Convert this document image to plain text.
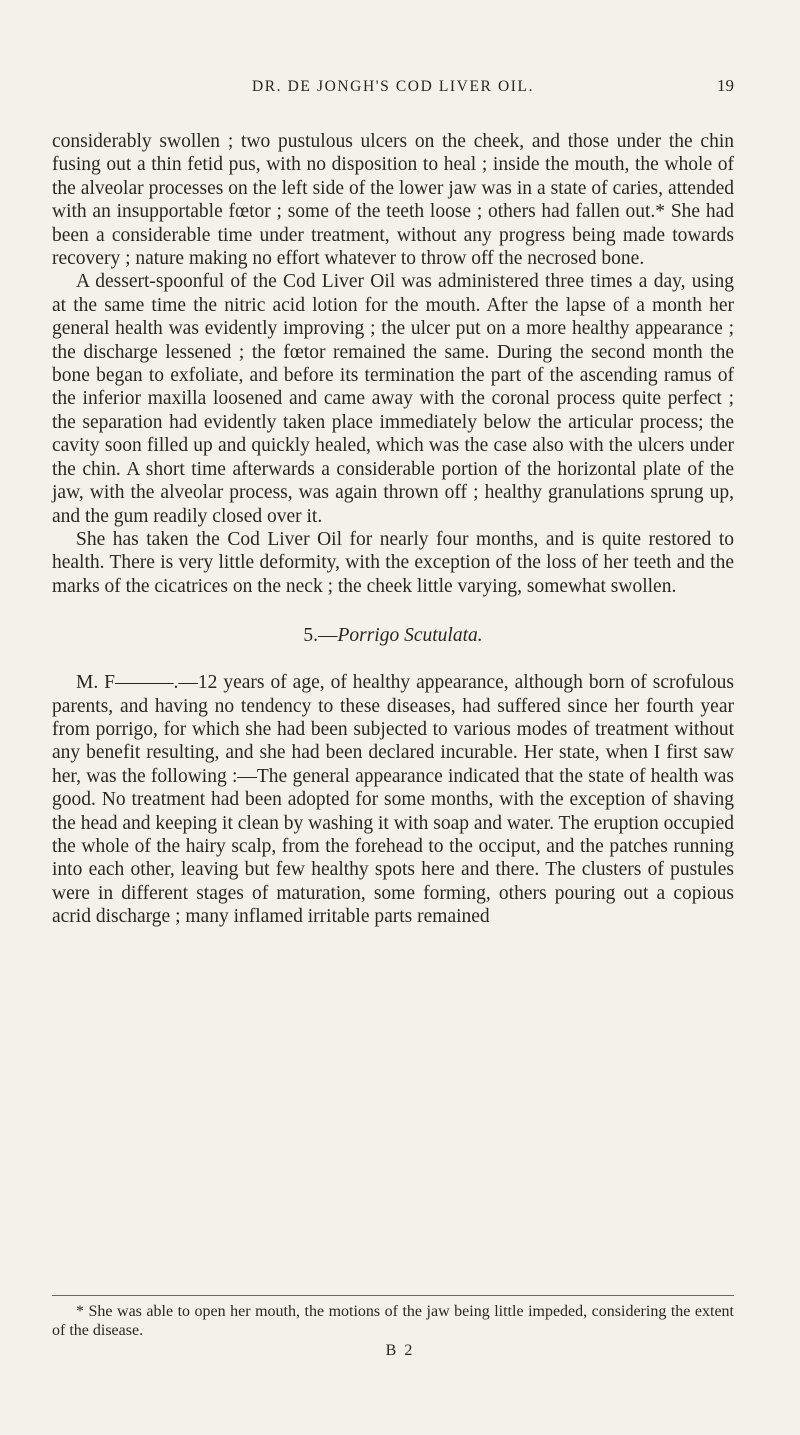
DR. DE JONGH'S COD LIVER OIL.	19

considerably swollen ; two pustulous ulcers on the cheek, and those under the chin fusing out a thin fetid pus, with no disposition to heal ; inside the mouth, the whole of the alveolar processes on the left side of the lower jaw was in a state of caries, attended with an insupportable fœtor ; some of the teeth loose ; others had fallen out.* She had been a considerable time under treatment, without any progress being made towards recovery ; nature making no effort whatever to throw off the necrosed bone.

A dessert-spoonful of the Cod Liver Oil was administered three times a day, using at the same time the nitric acid lotion for the mouth. After the lapse of a month her general health was evidently improving ; the ulcer put on a more healthy appearance ; the discharge lessened ; the fœtor remained the same. During the second month the bone began to exfoliate, and before its termination the part of the ascending ramus of the inferior maxilla loosened and came away with the coronal process quite perfect ; the separation had evidently taken place immediately below the articular process; the cavity soon filled up and quickly healed, which was the case also with the ulcers under the chin. A short time afterwards a considerable portion of the horizontal plate of the jaw, with the alveolar process, was again thrown off ; healthy granulations sprung up, and the gum readily closed over it.

She has taken the Cod Liver Oil for nearly four months, and is quite restored to health. There is very little deformity, with the exception of the loss of her teeth and the marks of the cicatrices on the neck ; the cheek little varying, somewhat swollen.

5.—Porrigo Scutulata.

M. F———.—12 years of age, of healthy appearance, although born of scrofulous parents, and having no tendency to these diseases, had suffered since her fourth year from porrigo, for which she had been subjected to various modes of treatment without any benefit resulting, and she had been declared incurable. Her state, when I first saw her, was the following :—The general appearance indicated that the state of health was good. No treatment had been adopted for some months, with the exception of shaving the head and keeping it clean by washing it with soap and water. The eruption occupied the whole of the hairy scalp, from the forehead to the occiput, and the patches running into each other, leaving but few healthy spots here and there. The clusters of pustules were in different stages of maturation, some forming, others pouring out a copious acrid discharge ; many inflamed irritable parts remained

* She was able to open her mouth, the motions of the jaw being little impeded, considering the extent of the disease.
B 2
